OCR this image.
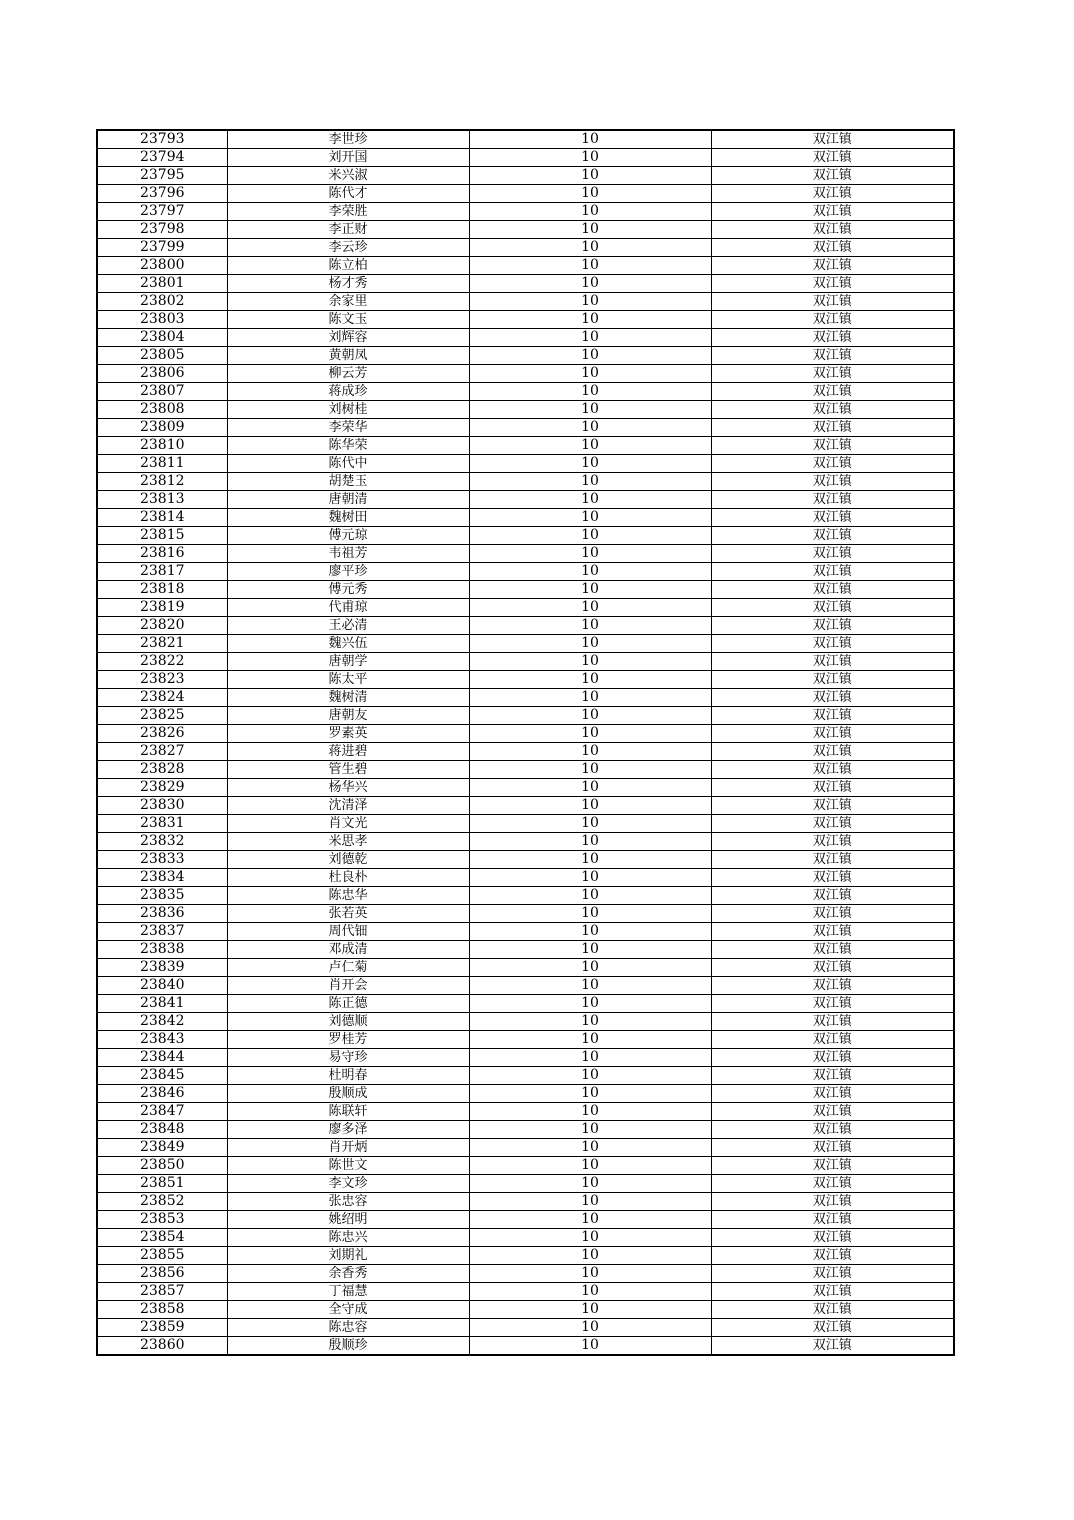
23793	李世珍	10	双江镇
23794	刘开国	10	双江镇
23795	米兴淑	10	双江镇
23796	陈代才	10	双江镇
23797	李荣胜	10	双江镇
23798	李正财	10	双江镇
23799	李云珍	10	双江镇
23800	陈立柏	10	双江镇
23801	杨才秀	10	双江镇
23802	余家里	10	双江镇
23803	陈文玉	10	双江镇
23804	刘辉容	10	双江镇
23805	黄朝凤	10	双江镇
23806	柳云芳	10	双江镇
23807	蒋成珍	10	双江镇
23808	刘树桂	10	双江镇
23809	李荣华	10	双江镇
23810	陈华荣	10	双江镇
23811	陈代中	10	双江镇
23812	胡楚玉	10	双江镇
23813	唐朝清	10	双江镇
23814	魏树田	10	双江镇
23815	傅元琼	10	双江镇
23816	韦祖芳	10	双江镇
23817	廖平珍	10	双江镇
23818	傅元秀	10	双江镇
23819	代甫琼	10	双江镇
23820	王必清	10	双江镇
23821	魏兴伍	10	双江镇
23822	唐朝学	10	双江镇
23823	陈太平	10	双江镇
23824	魏树清	10	双江镇
23825	唐朝友	10	双江镇
23826	罗素英	10	双江镇
23827	蒋进碧	10	双江镇
23828	管生碧	10	双江镇
23829	杨华兴	10	双江镇
23830	沈清泽	10	双江镇
23831	肖文光	10	双江镇
23832	米思孝	10	双江镇
23833	刘德乾	10	双江镇
23834	杜良朴	10	双江镇
23835	陈忠华	10	双江镇
23836	张若英	10	双江镇
23837	周代钿	10	双江镇
23838	邓成清	10	双江镇
23839	卢仁菊	10	双江镇
23840	肖开会	10	双江镇
23841	陈正德	10	双江镇
23842	刘德顺	10	双江镇
23843	罗桂芳	10	双江镇
23844	易守珍	10	双江镇
23845	杜明春	10	双江镇
23846	殷顺成	10	双江镇
23847	陈联轩	10	双江镇
23848	廖多泽	10	双江镇
23849	肖开炳	10	双江镇
23850	陈世文	10	双江镇
23851	李文珍	10	双江镇
23852	张忠容	10	双江镇
23853	姚绍明	10	双江镇
23854	陈忠兴	10	双江镇
23855	刘期礼	10	双江镇
23856	余香秀	10	双江镇
23857	丁福慧	10	双江镇
23858	全守成	10	双江镇
23859	陈忠容	10	双江镇
23860	殷顺珍	10	双江镇
